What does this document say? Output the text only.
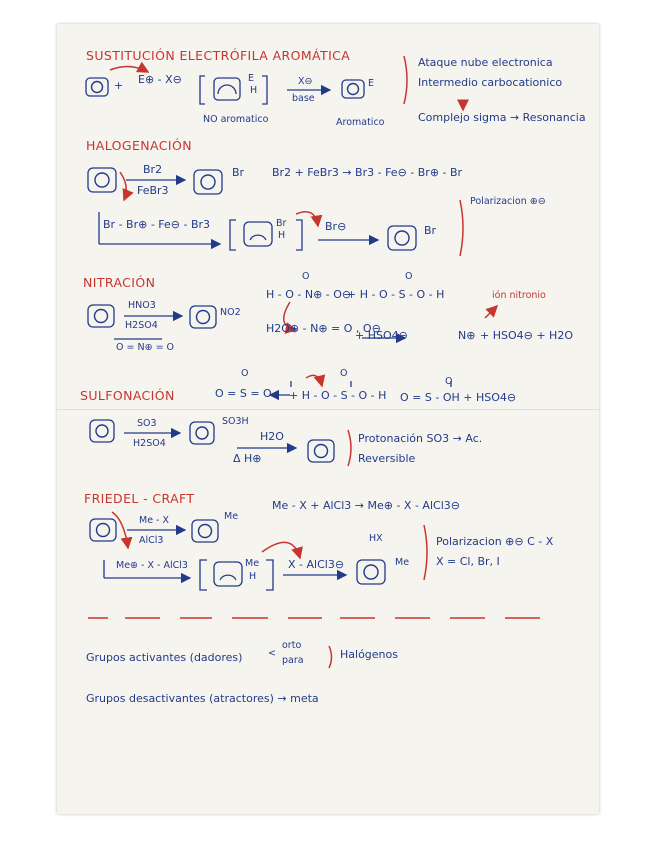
SUSTITUCIÓN ELECTRÓFILA AROMÁTICA
+ E⊕ - X⊖	E
H
X⊖
base
E
NO aromatico	Aromatico
Ataque nube electronica
Intermedio carbocationico
Complejo sigma → Resonancia
HALOGENACIÓN
Br2
FeBr3
Br	Br2 + FeBr3 → Br3 - Fe⊖ - Br⊕ - Br
Br - Br⊕ - Fe⊖ - Br3	Br
H
Br⊖	Br
Polarizacion ⊕⊖
NITRACIÓN
HNO3
H2SO4
O = N⊕ = O
NO2
O	O
H - O - N⊕ - O⊖
+ H - O - S - O - H
H2O⊕ - N⊕ = O , O⊖
+ HSO4⊖	N⊕ + HSO4⊖ + H2O
ión nitronio
SULFONACIÓN
O
O = S = O
O
+ H - O - S - O - H
O
O = S - OH + HSO4⊖
SO3
H2SO4
SO3H
H2O
Δ H⊕
Protonación SO3 → Ac.
Reversible
FRIEDEL - CRAFT
Me - X
AlCl3
Me
Me - X + AlCl3 → Me⊕ - X - AlCl3⊖
Me⊕ - X - AlCl3	Me
H
X - AlCl3⊖
HX
Me
Polarizacion ⊕⊖ C - X
X = Cl, Br, I
Grupos activantes (dadores)	<
orto
para	Halógenos
Grupos desactivantes (atractores) → meta
